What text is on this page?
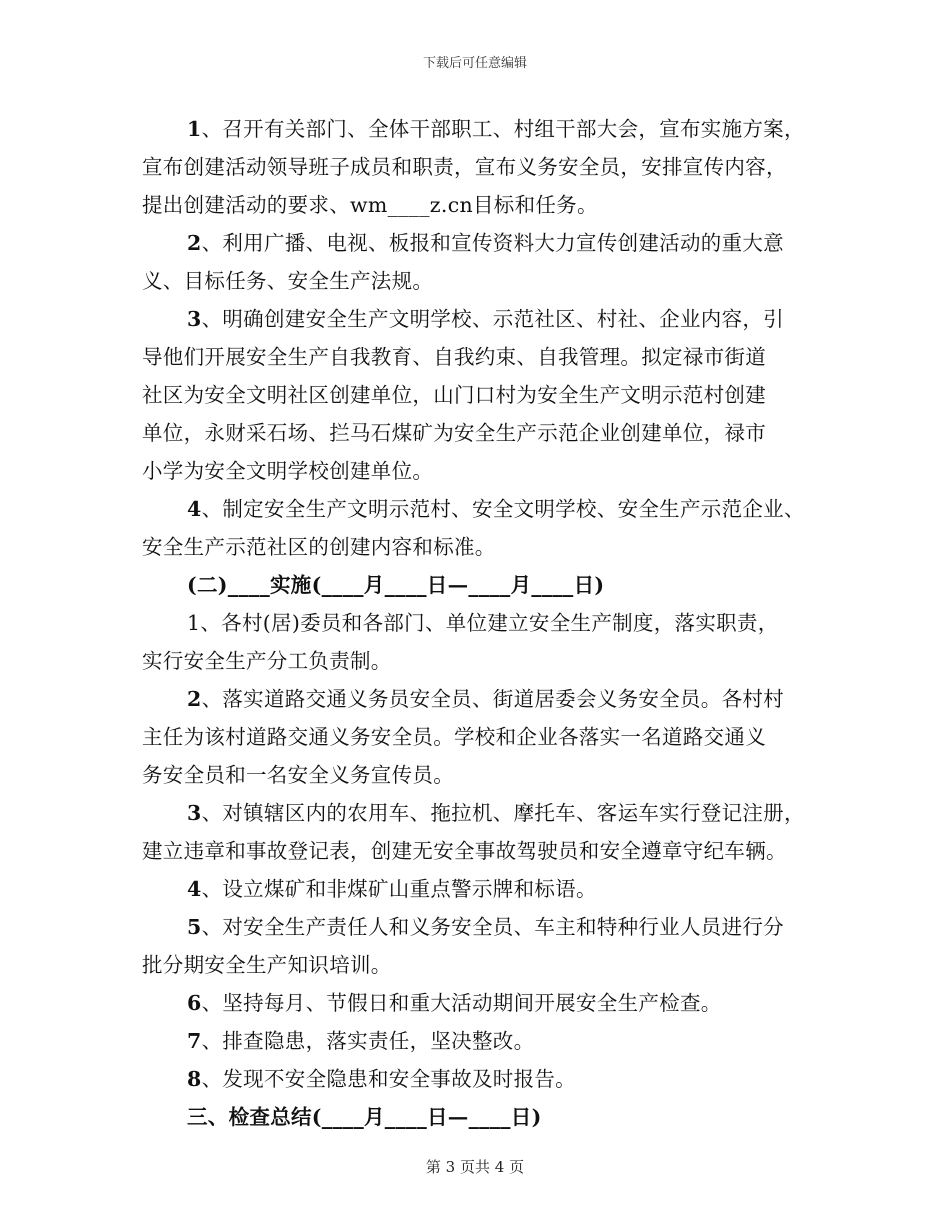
下载后可任意编辑
1、召开有关部门、全体干部职工、村组干部大会，宣布实施方案，
宣布创建活动领导班子成员和职责，宣布义务安全员，安排宣传内容，
提出创建活动的要求、wm____z.cn目标和任务。
2、利用广播、电视、板报和宣传资料大力宣传创建活动的重大意
义、目标任务、安全生产法规。
3、明确创建安全生产文明学校、示范社区、村社、企业内容，引
导他们开展安全生产自我教育、自我约束、自我管理。拟定禄市街道
社区为安全文明社区创建单位，山门口村为安全生产文明示范村创建
单位，永财采石场、拦马石煤矿为安全生产示范企业创建单位，禄市
小学为安全文明学校创建单位。
4、制定安全生产文明示范村、安全文明学校、安全生产示范企业、
安全生产示范社区的创建内容和标准。
(二)____实施(____月____日—____月____日)
1、各村(居)委员和各部门、单位建立安全生产制度，落实职责，
实行安全生产分工负责制。
2、落实道路交通义务员安全员、街道居委会义务安全员。各村村
主任为该村道路交通义务安全员。学校和企业各落实一名道路交通义
务安全员和一名安全义务宣传员。
3、对镇辖区内的农用车、拖拉机、摩托车、客运车实行登记注册，
建立违章和事故登记表，创建无安全事故驾驶员和安全遵章守纪车辆。
4、设立煤矿和非煤矿山重点警示牌和标语。
5、对安全生产责任人和义务安全员、车主和特种行业人员进行分
批分期安全生产知识培训。
6、坚持每月、节假日和重大活动期间开展安全生产检查。
7、排查隐患，落实责任，坚决整改。
8、发现不安全隐患和安全事故及时报告。
三、检查总结(____月____日—____日)
第 3 页共 4 页
